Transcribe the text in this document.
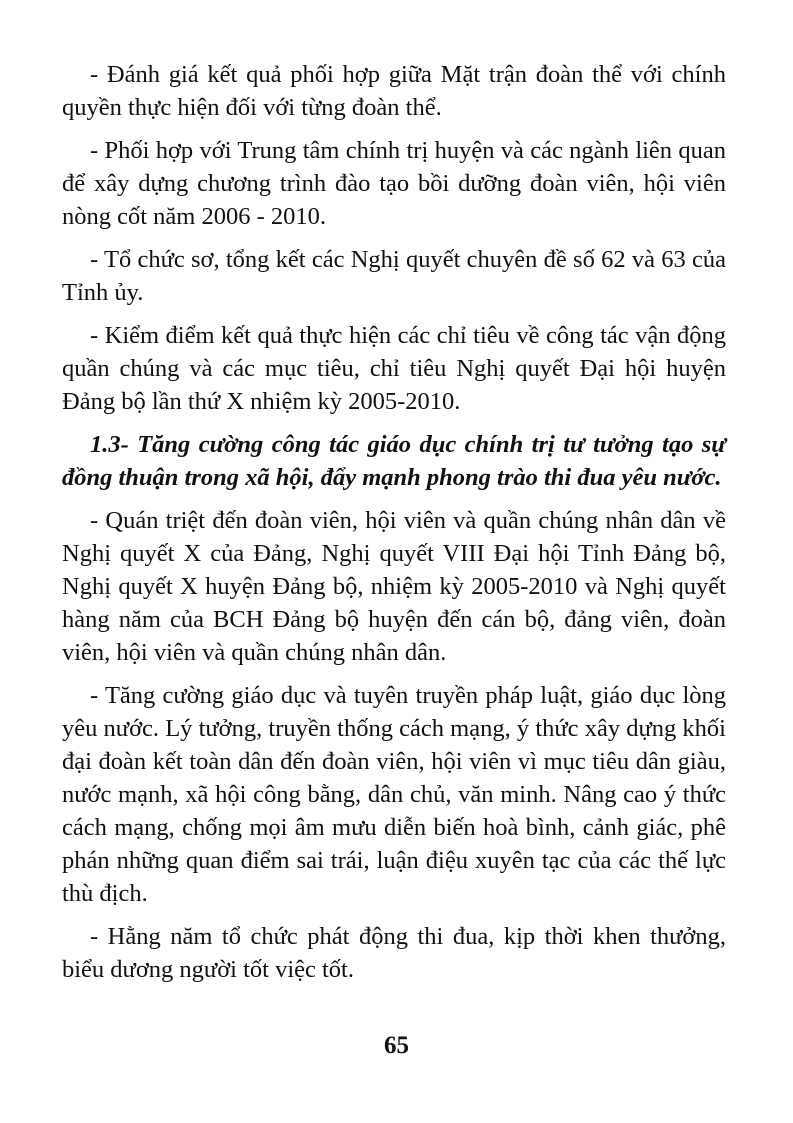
- Đánh giá kết quả phối hợp giữa Mặt trận đoàn thể với chính quyền thực hiện đối với từng đoàn thể.

- Phối hợp với Trung tâm chính trị huyện và các ngành liên quan để xây dựng chương trình đào tạo bồi dưỡng đoàn viên, hội viên nòng cốt năm 2006 - 2010.

- Tổ chức sơ, tổng kết các Nghị quyết chuyên đề số 62 và 63 của Tỉnh ủy.

- Kiểm điểm kết quả thực hiện các chỉ tiêu về công tác vận động quần chúng và các mục tiêu, chỉ tiêu Nghị quyết Đại hội huyện Đảng bộ lần thứ X nhiệm kỳ 2005-2010.

1.3- Tăng cường công tác giáo dục chính trị tư tưởng tạo sự đồng thuận trong xã hội, đẩy mạnh phong trào thi đua yêu nước.

- Quán triệt đến đoàn viên, hội viên và quần chúng nhân dân về Nghị quyết X của Đảng, Nghị quyết VIII Đại hội Tỉnh Đảng bộ, Nghị quyết X huyện Đảng bộ, nhiệm kỳ 2005-2010 và Nghị quyết hàng năm của BCH Đảng bộ huyện đến cán bộ, đảng viên, đoàn viên, hội viên và quần chúng nhân dân.

- Tăng cường giáo dục và tuyên truyền pháp luật, giáo dục lòng yêu nước. Lý tưởng, truyền thống cách mạng, ý thức xây dựng khối đại đoàn kết toàn dân đến đoàn viên, hội viên vì mục tiêu dân giàu, nước mạnh, xã hội công bằng, dân chủ, văn minh. Nâng cao ý thức cách mạng, chống mọi âm mưu diễn biến hoà bình, cảnh giác, phê phán những quan điểm sai trái, luận điệu xuyên tạc của các thế lực thù địch.

- Hằng năm tổ chức phát động thi đua, kịp thời khen thưởng, biểu dương người tốt việc tốt.

65
